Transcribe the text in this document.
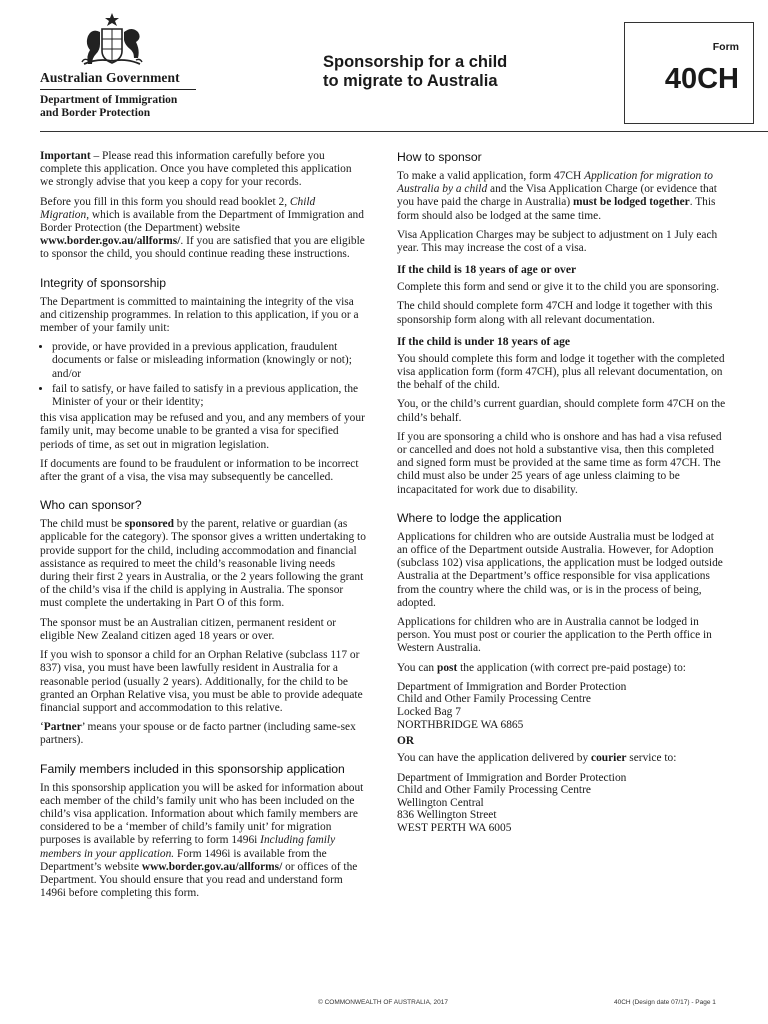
Australian Government
Department of Immigration
and Border Protection
Sponsorship for a child
to migrate to Australia
Form
40CH

Important – Please read this information carefully before you complete this application. Once you have completed this application we strongly advise that you keep a copy for your records.

Before you fill in this form you should read booklet 2, Child Migration, which is available from the Department of Immigration and Border Protection (the Department) website www.border.gov.au/allforms/. If you are satisfied that you are eligible to sponsor the child, you should continue reading these instructions.

Integrity of sponsorship

The Department is committed to maintaining the integrity of the visa and citizenship programmes. In relation to this application, if you or a member of your family unit:

• provide, or have provided in a previous application, fraudulent documents or false or misleading information (knowingly or not); and/or
• fail to satisfy, or have failed to satisfy in a previous application, the Minister of your or their identity;

this visa application may be refused and you, and any members of your family unit, may become unable to be granted a visa for specified periods of time, as set out in migration legislation.

If documents are found to be fraudulent or information to be incorrect after the grant of a visa, the visa may subsequently be cancelled.

Who can sponsor?

The child must be sponsored by the parent, relative or guardian (as applicable for the category). The sponsor gives a written undertaking to provide support for the child, including accommodation and financial assistance as required to meet the child’s reasonable living needs during their first 2 years in Australia, or the 2 years following the grant of the child’s visa if the child is applying in Australia. The sponsor must complete the undertaking in Part O of this form.

The sponsor must be an Australian citizen, permanent resident or eligible New Zealand citizen aged 18 years or over.

If you wish to sponsor a child for an Orphan Relative (subclass 117 or 837) visa, you must have been lawfully resident in Australia for a reasonable period (usually 2 years). Additionally, for the child to be granted an Orphan Relative visa, you must be able to provide adequate financial support and accommodation to this relative.

‘Partner’ means your spouse or de facto partner (including same-sex partners).

Family members included in this sponsorship application

In this sponsorship application you will be asked for information about each member of the child’s family unit who has been included on the child’s visa application. Information about which family members are considered to be a ‘member of child’s family unit’ for migration purposes is available by referring to form 1496i Including family members in your application. Form 1496i is available from the Department’s website www.border.gov.au/allforms/ or offices of the Department. You should ensure that you read and understand form 1496i before completing this form.

How to sponsor

To make a valid application, form 47CH Application for migration to Australia by a child and the Visa Application Charge (or evidence that you have paid the charge in Australia) must be lodged together. This form should also be lodged at the same time.

Visa Application Charges may be subject to adjustment on 1 July each year. This may increase the cost of a visa.

If the child is 18 years of age or over

Complete this form and send or give it to the child you are sponsoring.

The child should complete form 47CH and lodge it together with this sponsorship form along with all relevant documentation.

If the child is under 18 years of age

You should complete this form and lodge it together with the completed visa application form (form 47CH), plus all relevant documentation, on the behalf of the child.

You, or the child’s current guardian, should complete form 47CH on the child’s behalf.

If you are sponsoring a child who is onshore and has had a visa refused or cancelled and does not hold a substantive visa, then this completed and signed form must be provided at the same time as form 47CH. The child must also be under 25 years of age unless claiming to be incapacitated for work due to disability.

Where to lodge the application

Applications for children who are outside Australia must be lodged at an office of the Department outside Australia. However, for Adoption (subclass 102) visa applications, the application must be lodged outside Australia at the Department’s office responsible for visa applications from the country where the child was, or is in the process of being, adopted.

Applications for children who are in Australia cannot be lodged in person. You must post or courier the application to the Perth office in Western Australia.

You can post the application (with correct pre-paid postage) to:

Department of Immigration and Border Protection
Child and Other Family Processing Centre
Locked Bag 7
NORTHBRIDGE WA 6865
OR

You can have the application delivered by courier service to:

Department of Immigration and Border Protection
Child and Other Family Processing Centre
Wellington Central
836 Wellington Street
WEST PERTH WA 6005
© COMMONWEALTH OF AUSTRALIA, 2017	40CH (Design date 07/17) - Page 1
